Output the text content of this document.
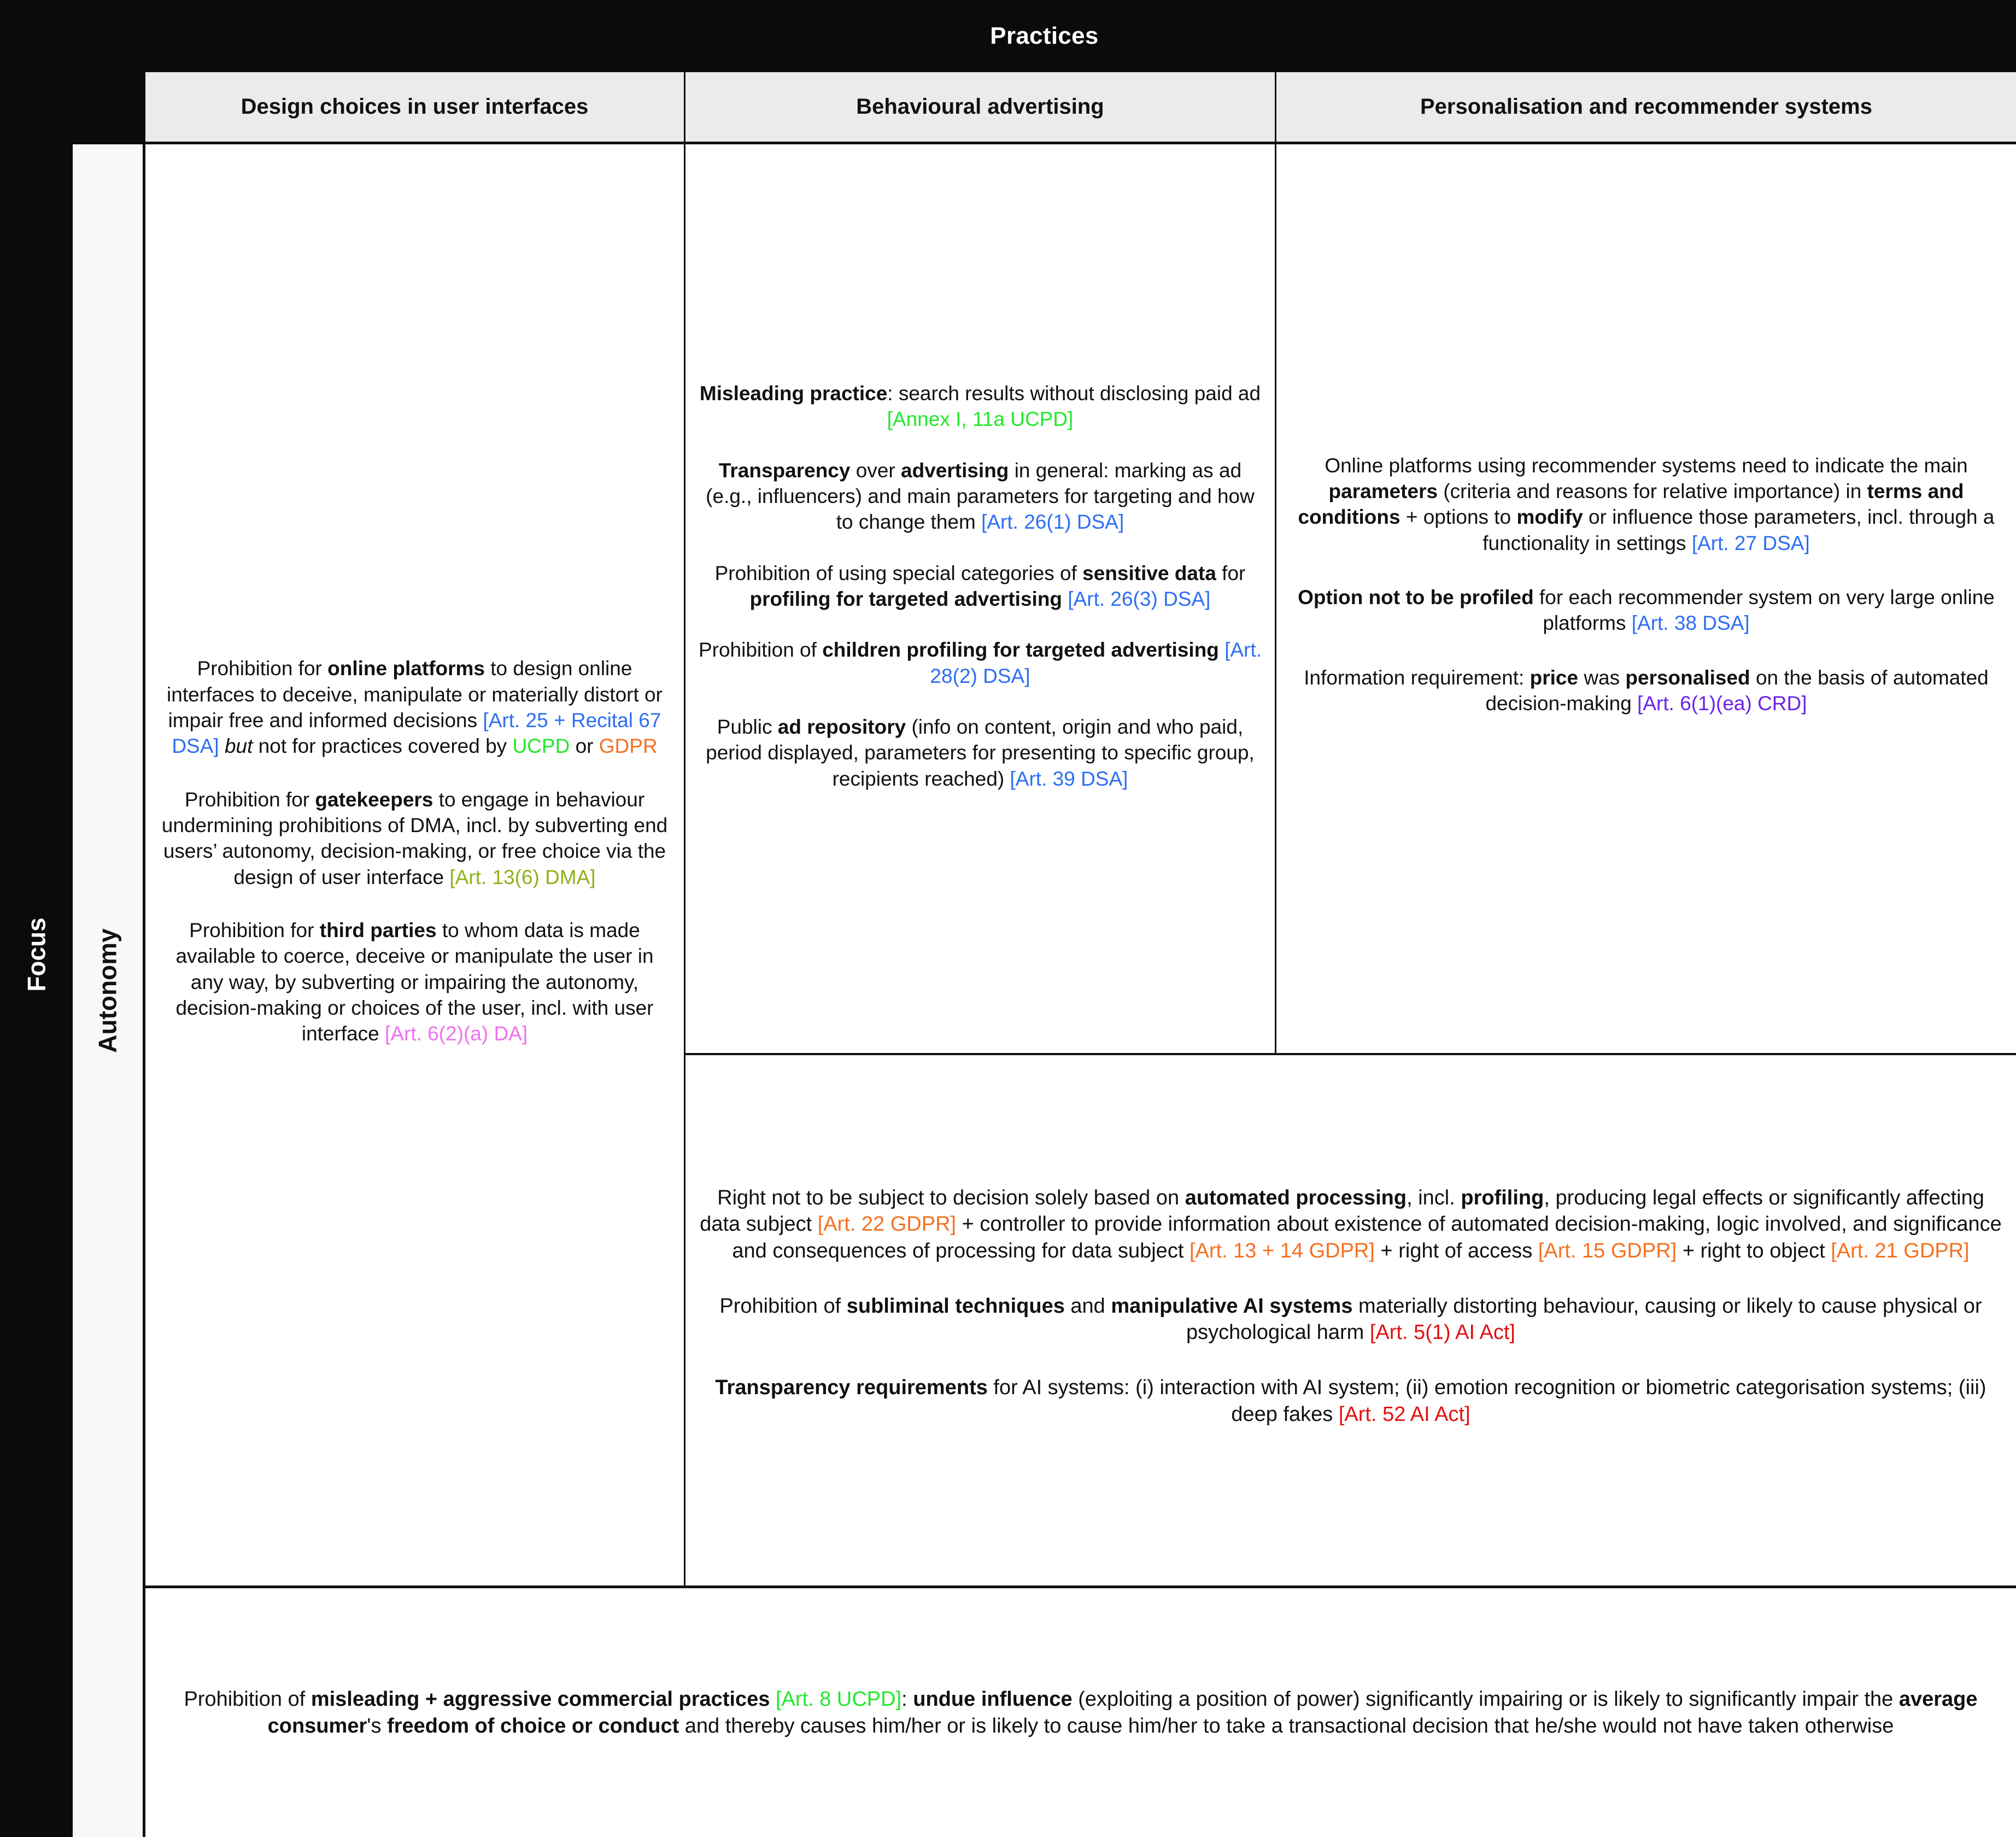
Practices
Focus Autonomy
Design choices in user interfaces	Behavioural advertising	Personalisation and recommender systems

Prohibition for online platforms to design online interfaces to deceive, manipulate or materially distort or impair free and informed decisions [Art. 25 + Recital 67 DSA] but not for practices covered by UCPD or GDPR

Prohibition for gatekeepers to engage in behaviour undermining prohibitions of DMA, incl. by subverting end users’ autonomy, decision-making, or free choice via the design of user interface [Art. 13(6) DMA]

Prohibition for third parties to whom data is made available to coerce, deceive or manipulate the user in any way, by subverting or impairing the autonomy, decision-making or choices of the user, incl. with user interface [Art. 6(2)(a) DA]

Misleading practice: search results without disclosing paid ad [Annex I, 11a UCPD]

Transparency over advertising in general: marking as ad (e.g., influencers) and main parameters for targeting and how to change them [Art. 26(1) DSA]

Prohibition of using special categories of sensitive data for profiling for targeted advertising [Art. 26(3) DSA]

Prohibition of children profiling for targeted advertising [Art. 28(2) DSA]

Public ad repository (info on content, origin and who paid, period displayed, parameters for presenting to specific group, recipients reached) [Art. 39 DSA]

Online platforms using recommender systems need to indicate the main parameters (criteria and reasons for relative importance) in terms and conditions + options to modify or influence those parameters, incl. through a functionality in settings [Art. 27 DSA]

Option not to be profiled for each recommender system on very large online platforms [Art. 38 DSA]

Information requirement: price was personalised on the basis of automated decision-making [Art. 6(1)(ea) CRD]

Right not to be subject to decision solely based on automated processing, incl. profiling, producing legal effects or significantly affecting data subject [Art. 22 GDPR] + controller to provide information about existence of automated decision-making, logic involved, and significance and consequences of processing for data subject [Art. 13 + 14 GDPR] + right of access [Art. 15 GDPR] + right to object [Art. 21 GDPR]

Prohibition of subliminal techniques and manipulative AI systems materially distorting behaviour, causing or likely to cause physical or psychological harm [Art. 5(1) AI Act]

Transparency requirements for AI systems: (i) interaction with AI system; (ii) emotion recognition or biometric categorisation systems; (iii) deep fakes [Art. 52 AI Act]

Prohibition of misleading + aggressive commercial practices [Art. 8 UCPD]: undue influence (exploiting a position of power) significantly impairing or is likely to significantly impair the average consumer's freedom of choice or conduct and thereby causes him/her or is likely to cause him/her to take a transactional decision that he/she would not have taken otherwise
